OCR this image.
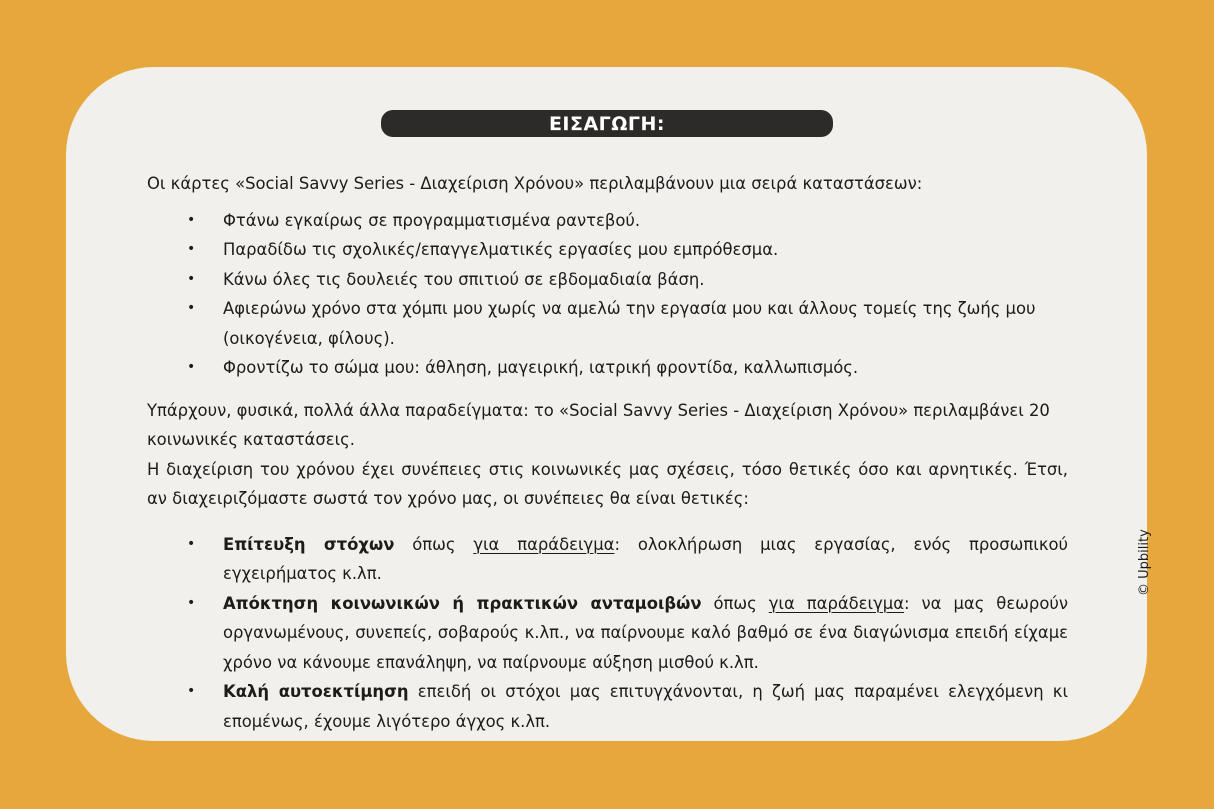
ΕΙΣΑΓΩΓΗ:

Οι κάρτες «Social Savvy Series - Διαχείριση Χρόνου» περιλαμβάνουν μια σειρά καταστάσεων:

• Φτάνω εγκαίρως σε προγραμματισμένα ραντεβού.
• Παραδίδω τις σχολικές/επαγγελματικές εργασίες μου εμπρόθεσμα.
• Κάνω όλες τις δουλειές του σπιτιού σε εβδομαδιαία βάση.
• Αφιερώνω χρόνο στα χόμπι μου χωρίς να αμελώ την εργασία μου και άλλους τομείς της ζωής μου (οικογένεια, φίλους).
• Φροντίζω το σώμα μου: άθληση, μαγειρική, ιατρική φροντίδα, καλλωπισμός.

Υπάρχουν, φυσικά, πολλά άλλα παραδείγματα: το «Social Savvy Series - Διαχείριση Χρόνου» περιλαμβάνει 20 κοινωνικές καταστάσεις.

Η διαχείριση του χρόνου έχει συνέπειες στις κοινωνικές μας σχέσεις, τόσο θετικές όσο και αρνητικές. Έτσι, αν διαχειριζόμαστε σωστά τον χρόνο μας, οι συνέπειες θα είναι θετικές:

• Επίτευξη στόχων όπως για παράδειγμα: ολοκλήρωση μιας εργασίας, ενός προσωπικού εγχειρήματος κ.λπ.
• Απόκτηση κοινωνικών ή πρακτικών ανταμοιβών όπως για παράδειγμα: να μας θεωρούν οργανωμένους, συνεπείς, σοβαρούς κ.λπ., να παίρνουμε καλό βαθμό σε ένα διαγώνισμα επειδή είχαμε χρόνο να κάνουμε επανάληψη, να παίρνουμε αύξηση μισθού κ.λπ.
• Καλή αυτοεκτίμηση επειδή οι στόχοι μας επιτυγχάνονται, η ζωή μας παραμένει ελεγχόμενη κι επομένως, έχουμε λιγότερο άγχος κ.λπ.
© Upbility
